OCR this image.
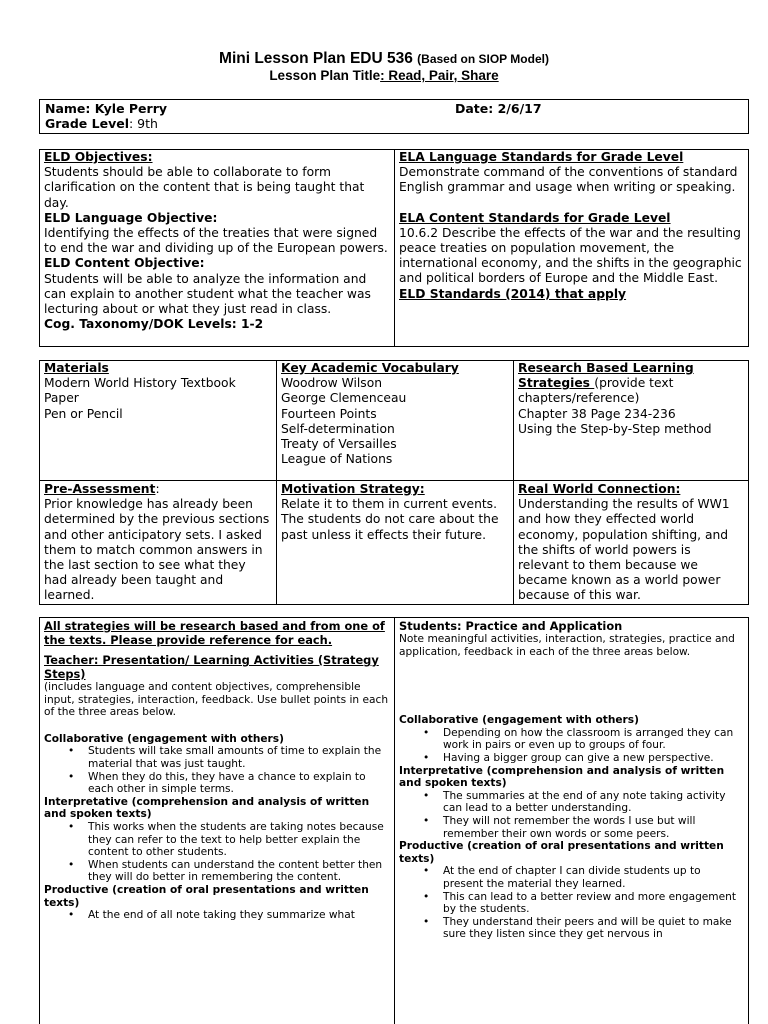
Mini Lesson Plan EDU 536 (Based on SIOP Model)
Lesson Plan Title: Read, Pair, Share
Name: Kyle Perry	Date: 2/6/17
Grade Level: 9th
ELD Objectives:
Students should be able to collaborate to form clarification on the content that is being taught that day.
ELD Language Objective:
Identifying the effects of the treaties that were signed to end the war and dividing up of the European powers.
ELD Content Objective:
Students will be able to analyze the information and can explain to another student what the teacher was lecturing about or what they just read in class.
Cog. Taxonomy/DOK Levels: 1-2
ELA Language Standards for Grade Level
Demonstrate command of the conventions of standard English grammar and usage when writing or speaking.
ELA Content Standards for Grade Level
10.6.2 Describe the effects of the war and the resulting peace treaties on population movement, the international economy, and the shifts in the geographic and political borders of Europe and the Middle East.
ELD Standards (2014) that apply
Materials
Modern World History Textbook
Paper
Pen or Pencil
Key Academic Vocabulary
Woodrow Wilson
George Clemenceau
Fourteen Points
Self-determination
Treaty of Versailles
League of Nations
Research Based Learning
Strategies (provide text chapters/reference)
Chapter 38 Page 234-236
Using the Step-by-Step method
Pre-Assessment:
Prior knowledge has already been determined by the previous sections and other anticipatory sets. I asked them to match common answers in the last section to see what they had already been taught and learned.
Motivation Strategy:
Relate it to them in current events. The students do not care about the past unless it effects their future.
Real World Connection:
Understanding the results of WW1 and how they effected world economy, population shifting, and the shifts of world powers is relevant to them because we became known as a world power because of this war.
All strategies will be research based and from one of the texts. Please provide reference for each.
Teacher: Presentation/ Learning Activities (Strategy Steps)
(includes language and content objectives, comprehensible input, strategies, interaction, feedback. Use bullet points in each of the three areas below.
Collaborative (engagement with others)
• Students will take small amounts of time to explain the material that was just taught.
• When they do this, they have a chance to explain to each other in simple terms.
Interpretative (comprehension and analysis of written and spoken texts)
• This works when the students are taking notes because they can refer to the text to help better explain the content to other students.
• When students can understand the content better then they will do better in remembering the content.
Productive (creation of oral presentations and written texts)
• At the end of all note taking they summarize what
Students: Practice and Application
Note meaningful activities, interaction, strategies, practice and application, feedback in each of the three areas below.
Collaborative (engagement with others)
• Depending on how the classroom is arranged they can work in pairs or even up to groups of four.
• Having a bigger group can give a new perspective.
Interpretative (comprehension and analysis of written and spoken texts)
• The summaries at the end of any note taking activity can lead to a better understanding.
• They will not remember the words I use but will remember their own words or some peers.
Productive (creation of oral presentations and written texts)
• At the end of chapter I can divide students up to present the material they learned.
• This can lead to a better review and more engagement by the students.
• They understand their peers and will be quiet to make sure they listen since they get nervous in
